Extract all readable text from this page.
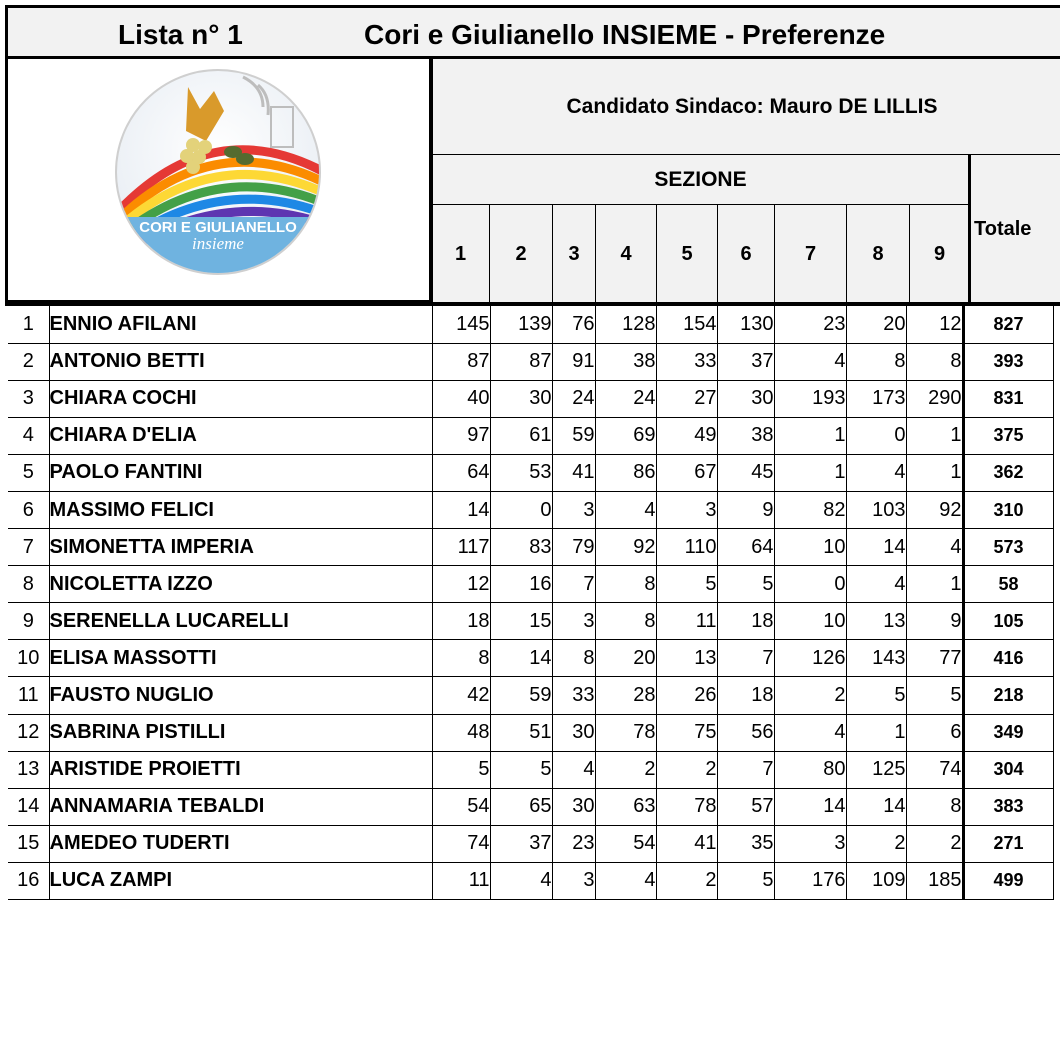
Lista n° 1	Cori e Giulianello INSIEME - Preferenze
CORI E GIULIANELLO
insieme
Candidato Sindaco: Mauro DE LILLIS
SEZIONE
Totale
1	2	3	4	5	6	7	8	9
1	ENNIO AFILANI	145	139	76	128	154	130	23	20	12	827
2	ANTONIO BETTI	87	87	91	38	33	37	4	8	8	393
3	CHIARA COCHI	40	30	24	24	27	30	193	173	290	831
4	CHIARA D'ELIA	97	61	59	69	49	38	1	0	1	375
5	PAOLO FANTINI	64	53	41	86	67	45	1	4	1	362
6	MASSIMO FELICI	14	0	3	4	3	9	82	103	92	310
7	SIMONETTA IMPERIA	117	83	79	92	110	64	10	14	4	573
8	NICOLETTA IZZO	12	16	7	8	5	5	0	4	1	58
9	SERENELLA LUCARELLI	18	15	3	8	11	18	10	13	9	105
10	ELISA MASSOTTI	8	14	8	20	13	7	126	143	77	416
11	FAUSTO NUGLIO	42	59	33	28	26	18	2	5	5	218
12	SABRINA PISTILLI	48	51	30	78	75	56	4	1	6	349
13	ARISTIDE PROIETTI	5	5	4	2	2	7	80	125	74	304
14	ANNAMARIA TEBALDI	54	65	30	63	78	57	14	14	8	383
15	AMEDEO TUDERTI	74	37	23	54	41	35	3	2	2	271
16	LUCA ZAMPI	11	4	3	4	2	5	176	109	185	499
